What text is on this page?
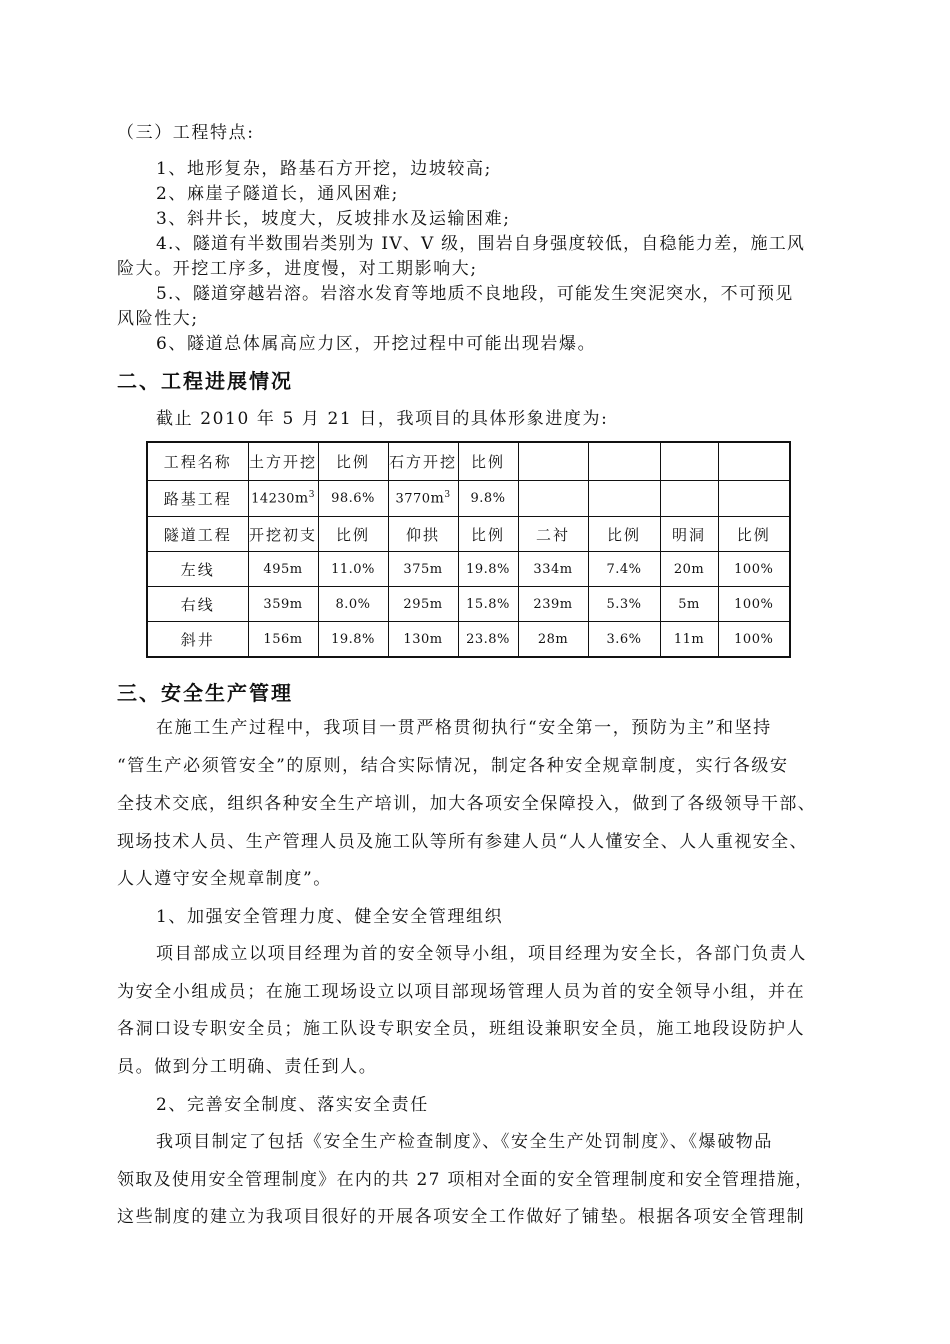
（三）工程特点:
1、地形复杂，路基石方开挖，边坡较高;
2、麻崖子隧道长，通风困难;
3、斜井长，坡度大，反坡排水及运输困难;
4.、隧道有半数围岩类别为 IV、V 级，围岩自身强度较低，自稳能力差，施工风
险大。开挖工序多，进度慢，对工期影响大;
5.、隧道穿越岩溶。岩溶水发育等地质不良地段，可能发生突泥突水，不可预见
风险性大;
6、隧道总体属高应力区，开挖过程中可能出现岩爆。
二、工程进展情况
截止 2010 年 5 月 21 日，我项目的具体形象进度为:
工程名称	土方开挖	比例	石方开挖	比例				
路基工程	$14230m^3$	98.6%	$3770m^3$	9.8%				
隧道工程	开挖初支	比例	仰拱	比例	二衬	比例	明洞	比例
左线	495m	11.0%	375m	19.8%	334m	7.4%	20m	100%
右线	359m	8.0%	295m	15.8%	239m	5.3%	5m	100%
斜井	156m	19.8%	130m	23.8%	28m	3.6%	11m	100%
三、安全生产管理
在施工生产过程中，我项目一贯严格贯彻执行“安全第一，预防为主”和坚持
“管生产必须管安全”的原则，结合实际情况，制定各种安全规章制度，实行各级安
全技术交底，组织各种安全生产培训，加大各项安全保障投入，做到了各级领导干部、
现场技术人员、生产管理人员及施工队等所有参建人员“人人懂安全、人人重视安全、
人人遵守安全规章制度”。
1、加强安全管理力度、健全安全管理组织
项目部成立以项目经理为首的安全领导小组，项目经理为安全长，各部门负责人
为安全小组成员；在施工现场设立以项目部现场管理人员为首的安全领导小组，并在
各洞口设专职安全员；施工队设专职安全员，班组设兼职安全员，施工地段设防护人
员。做到分工明确、责任到人。
2、完善安全制度、落实安全责任
我项目制定了包括《安全生产检查制度》、《安全生产处罚制度》、《爆破物品
领取及使用安全管理制度》在内的共 27 项相对全面的安全管理制度和安全管理措施，
这些制度的建立为我项目很好的开展各项安全工作做好了铺垫。根据各项安全管理制
